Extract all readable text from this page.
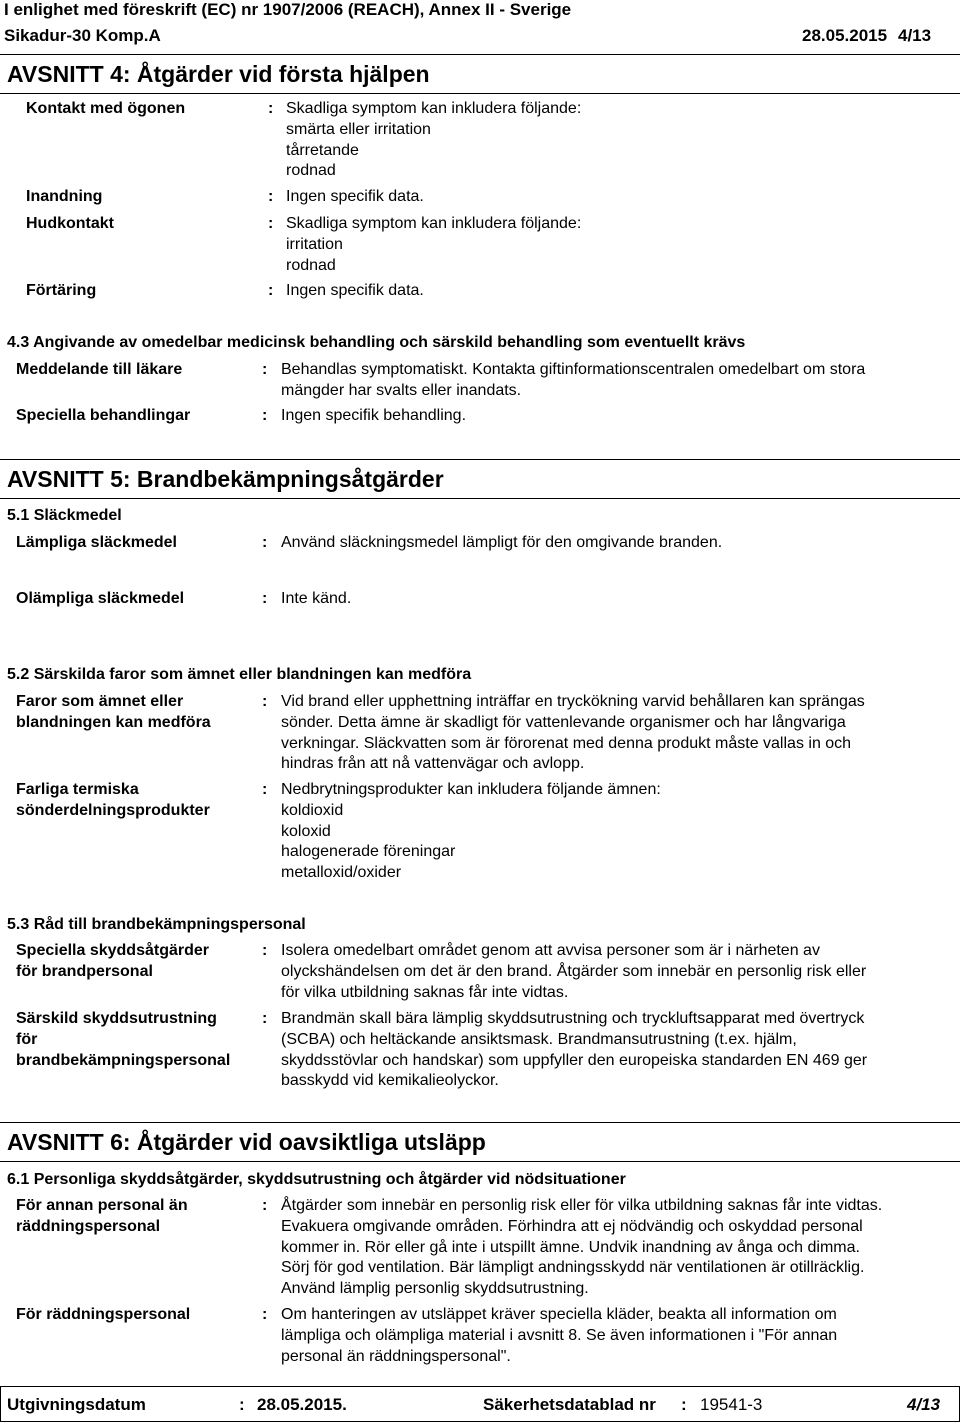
I enlighet med föreskrift (EC) nr 1907/2006 (REACH), Annex II - Sverige
Sikadur-30 Komp.A	28.05.2015 4/13
AVSNITT 4: Åtgärder vid första hjälpen
Kontakt med ögonen	: Skadliga symptom kan inkludera följande:
smärta eller irritation
tårretande
rodnad
Inandning	: Ingen specifik data.
Hudkontakt	: Skadliga symptom kan inkludera följande:
irritation
rodnad
Förtäring	: Ingen specifik data.
4.3 Angivande av omedelbar medicinsk behandling och särskild behandling som eventuellt krävs
Meddelande till läkare	: Behandlas symptomatiskt. Kontakta giftinformationscentralen omedelbart om stora
mängder har svalts eller inandats.
Speciella behandlingar	: Ingen specifik behandling.
AVSNITT 5: Brandbekämpningsåtgärder
5.1 Släckmedel
Lämpliga släckmedel	: Använd släckningsmedel lämpligt för den omgivande branden.
Olämpliga släckmedel	: Inte känd.
5.2 Särskilda faror som ämnet eller blandningen kan medföra
Faror som ämnet eller
blandningen kan medföra
: Vid brand eller upphettning inträffar en tryckökning varvid behållaren kan sprängas
sönder. Detta ämne är skadligt för vattenlevande organismer och har långvariga
verkningar. Släckvatten som är förorenat med denna produkt måste vallas in och
hindras från att nå vattenvägar och avlopp.
Farliga termiska
sönderdelningsprodukter
: Nedbrytningsprodukter kan inkludera följande ämnen:
koldioxid
koloxid
halogenerade föreningar
metalloxid/oxider
5.3 Råd till brandbekämpningspersonal
Speciella skyddsåtgärder
för brandpersonal
: Isolera omedelbart området genom att avvisa personer som är i närheten av
olyckshändelsen om det är den brand. Åtgärder som innebär en personlig risk eller
för vilka utbildning saknas får inte vidtas.
Särskild skyddsutrustning
för
brandbekämpningspersonal
: Brandmän skall bära lämplig skyddsutrustning och tryckluftsapparat med övertryck
(SCBA) och heltäckande ansiktsmask. Brandmansutrustning (t.ex. hjälm,
skyddsstövlar och handskar) som uppfyller den europeiska standarden EN 469 ger
basskydd vid kemikalieolyckor.
AVSNITT 6: Åtgärder vid oavsiktliga utsläpp
6.1 Personliga skyddsåtgärder, skyddsutrustning och åtgärder vid nödsituationer
För annan personal än
räddningspersonal
: Åtgärder som innebär en personlig risk eller för vilka utbildning saknas får inte vidtas.
Evakuera omgivande områden. Förhindra att ej nödvändig och oskyddad personal
kommer in. Rör eller gå inte i utspillt ämne. Undvik inandning av ånga och dimma.
Sörj för god ventilation. Bär lämpligt andningsskydd när ventilationen är otillräcklig.
Använd lämplig personlig skyddsutrustning.
För räddningspersonal	: Om hanteringen av utsläppet kräver speciella kläder, beakta all information om
lämpliga och olämpliga material i avsnitt 8. Se även informationen i "För annan
personal än räddningspersonal".
Utgivningsdatum	: 28.05.2015.	Säkerhetsdatablad nr : 19541-3	4/13
